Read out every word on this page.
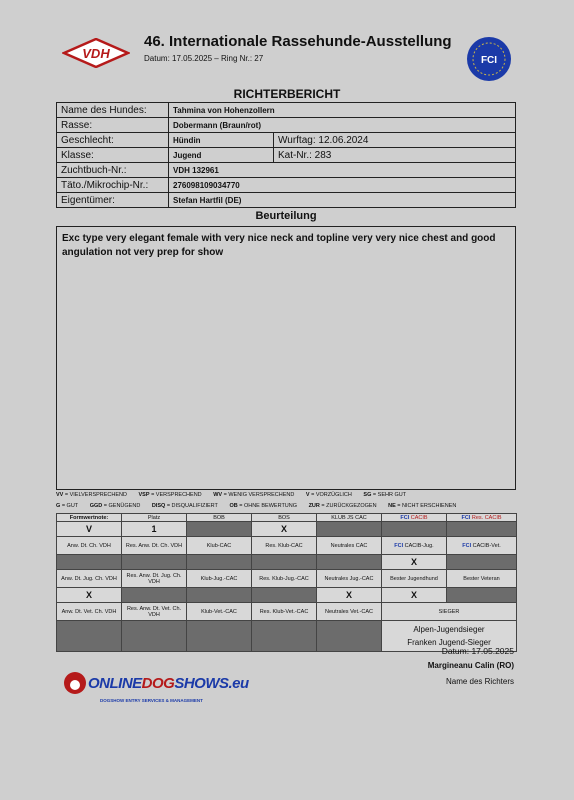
VDH
46. Internationale Rassehunde-Ausstellung
Datum: 17.05.2025 – Ring Nr.: 27	FCI
RICHTERBERICHT
Name des Hundes:	Tahmina von Hohenzollern	
Rasse:	Dobermann (Braun/rot)	
Geschlecht:	Hündin	Wurftag: 12.06.2024
Klasse:	Jugend	Kat-Nr.: 283
Zuchtbuch-Nr.:	VDH 132961	
Täto./Mikrochip-Nr.:	276098109034770	
Eigentümer:	Stefan Hartfil (DE)	
Beurteilung
Exc type very elegant female with very nice neck and topline very very nice chest and good angulation not very prep for show
VV = VIELVERSPRECHEND VSP = VERSPRECHEND WV = WENIG VERSPRECHEND V = VORZÜGLICH SG = SEHR GUT
G = GUT GGD = GENÜGEND DISQ = DISQUALIFIZIERT OB = OHNE BEWERTUNG ZUR = ZURÜCKGEZOGEN NE = NICHT ERSCHIENEN
Formwertnote:	Platz	BOB	BOS	KLUB JS CAC	FCI CACIB	FCI Res. CACIB
V	1		X			
Anw. Dt. Ch. VDH	Res. Anw. Dt. Ch. VDH	Klub-CAC	Res. Klub-CAC	Neutrales CAC	FCI CACIB-Jug.	FCI CACIB-Vet.
					X	
Anw. Dt. Jug. Ch. VDH	Res. Anw. Dt. Jug. Ch. VDH	Klub-Jug.-CAC	Res. Klub-Jug.-CAC	Neutrales Jug.-CAC	Bester Jugendhund	Bester Veteran
X				X	X	
Anw. Dt. Vet. Ch. VDH	Res. Anw. Dt. Vet. Ch. VDH	Klub-Vet.-CAC	Res. Klub-Vet.-CAC	Neutrales Vet.-CAC	SIEGER	

					Alpen-Jugendsieger
Franken Jugend-Sieger	
Datum: 17.05.2025
Margineanu Calin (RO)
Name des Richters
ONLINEDOGSHOWS.eu
DOGSHOW ENTRY SERVICES & MANAGEMENT
